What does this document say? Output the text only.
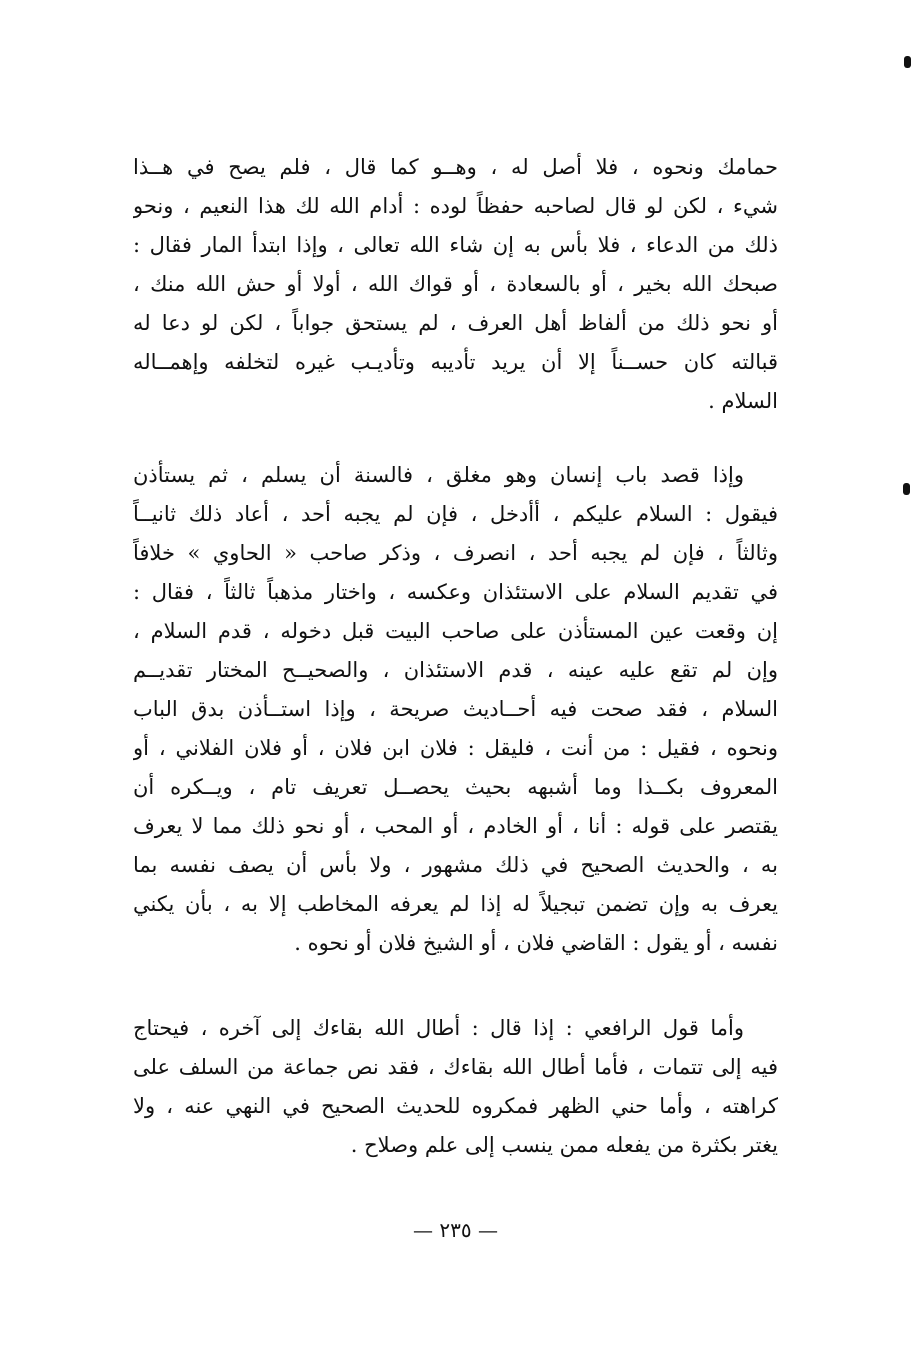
حمامك ونحوه ، فلا أصل له ، وهــو كما قال ، فلم يصح في هــذا
شيء ، لكن لو قال لصاحبه حفظاً لوده : أدام الله لك هذا النعيم ، ونحو
ذلك من الدعاء ، فلا بأس به إن شاء الله تعالى ، وإذا ابتدأ المار فقال :
صبحك الله بخير ، أو بالسعادة ، أو قواك الله ، أولا أو حش الله منك ،
أو نحو ذلك من ألفاظ أهل العرف ، لم يستحق جواباً ، لكن لو دعا له
قبالته كان حســناً إلا أن يريد تأديبه وتأديـب غيره لتخلفه وإهمــاله
السلام .
وإذا قصد باب إنسان وهو مغلق ، فالسنة أن يسلم ، ثم يستأذن
فيقول : السلام عليكم ، أأدخل ، فإن لم يجبه أحد ، أعاد ذلك ثانيــاً
وثالثاً ، فإن لم يجبه أحد ، انصرف ، وذكر صاحب « الحاوي » خلافاً
في تقديم السلام على الاستئذان وعكسه ، واختار مذهباً ثالثاً ، فقال :
إن وقعت عين المستأذن على صاحب البيت قبل دخوله ، قدم السلام ،
وإن لم تقع عليه عينه ، قدم الاستئذان ، والصحيــح المختار تقديــم
السلام ، فقد صحت فيه أحــاديث صريحة ، وإذا استــأذن بدق الباب
ونحوه ، فقيل : من أنت ، فليقل : فلان ابن فلان ، أو فلان الفلاني ، أو
المعروف بكــذا وما أشبهه بحيث يحصــل تعريف تام ، ويــكره أن
يقتصر على قوله : أنا ، أو الخادم ، أو المحب ، أو نحو ذلك مما لا يعرف
به ، والحديث الصحيح في ذلك مشهور ، ولا بأس أن يصف نفسه بما
يعرف به وإن تضمن تبجيلاً له إذا لم يعرفه المخاطب إلا به ، بأن يكني
نفسه ، أو يقول : القاضي فلان ، أو الشيخ فلان أو نحوه .
وأما قول الرافعي : إذا قال : أطال الله بقاءك إلى آخره ، فيحتاج
فيه إلى تتمات ، فأما أطال الله بقاءك ، فقد نص جماعة من السلف على
كراهته ، وأما حني الظهر فمكروه للحديث الصحيح في النهي عنه ، ولا
يغتر بكثرة من يفعله ممن ينسب إلى علم وصلاح .
— ٢٣٥ —
